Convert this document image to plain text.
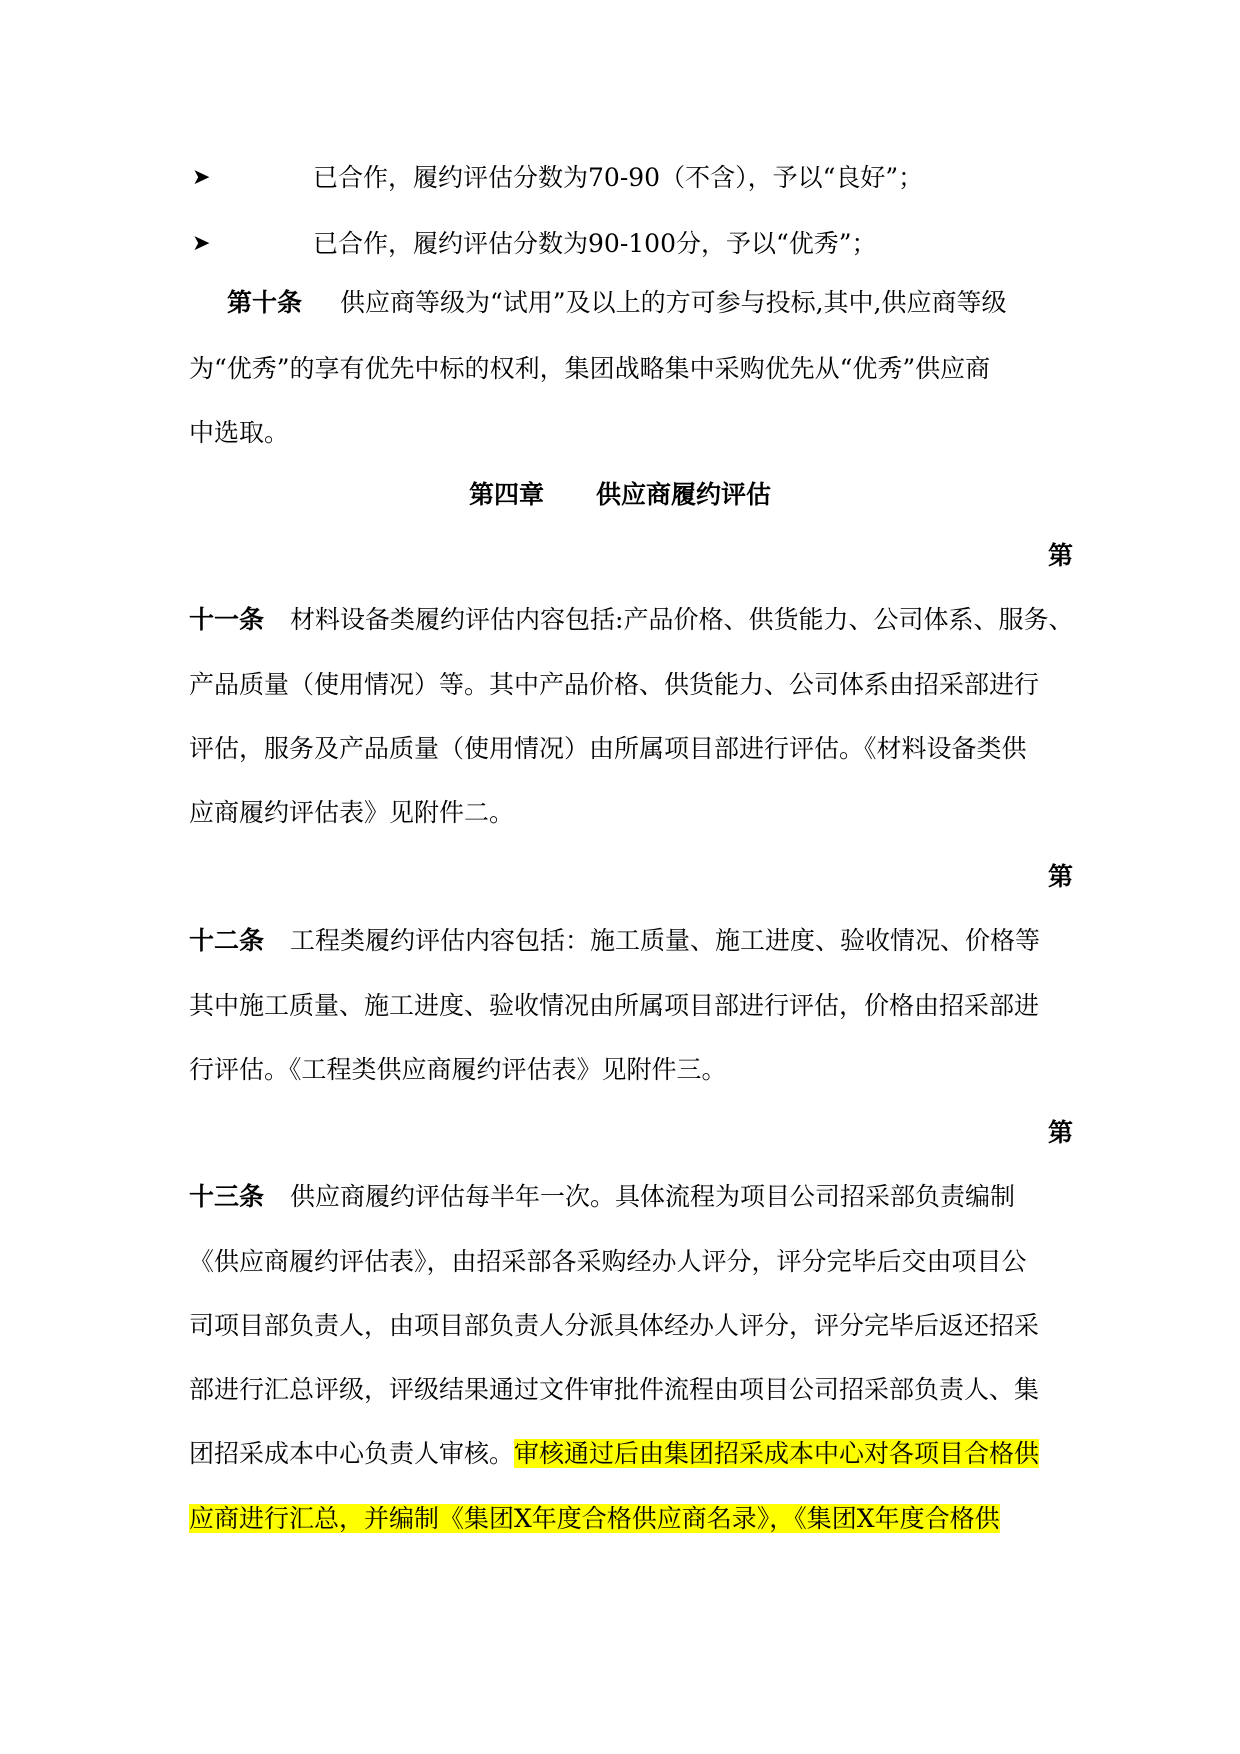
➤	已合作，履约评估分数为70-90（不含），予以“良好”；
➤	已合作，履约评估分数为90-100分，予以“优秀”；
第十条 供应商等级为“试用”及以上的方可参与投标,其中,供应商等级
为“优秀”的享有优先中标的权利，集团战略集中采购优先从“优秀”供应商
中选取。
第四章 供应商履约评估
第
十一条 材料设备类履约评估内容包括:产品价格、供货能力、公司体系、服务、
产品质量（使用情况）等。其中产品价格、供货能力、公司体系由招采部进行
评估，服务及产品质量（使用情况）由所属项目部进行评估。《材料设备类供
应商履约评估表》见附件二。
第
十二条 工程类履约评估内容包括：施工质量、施工进度、验收情况、价格等
其中施工质量、施工进度、验收情况由所属项目部进行评估，价格由招采部进
行评估。《工程类供应商履约评估表》见附件三。
第
十三条 供应商履约评估每半年一次。具体流程为项目公司招采部负责编制
《供应商履约评估表》，由招采部各采购经办人评分，评分完毕后交由项目公
司项目部负责人，由项目部负责人分派具体经办人评分，评分完毕后返还招采
部进行汇总评级，评级结果通过文件审批件流程由项目公司招采部负责人、集
团招采成本中心负责人审核。审核通过后由集团招采成本中心对各项目合格供
应商进行汇总，并编制《集团X年度合格供应商名录》，《集团X年度合格供
